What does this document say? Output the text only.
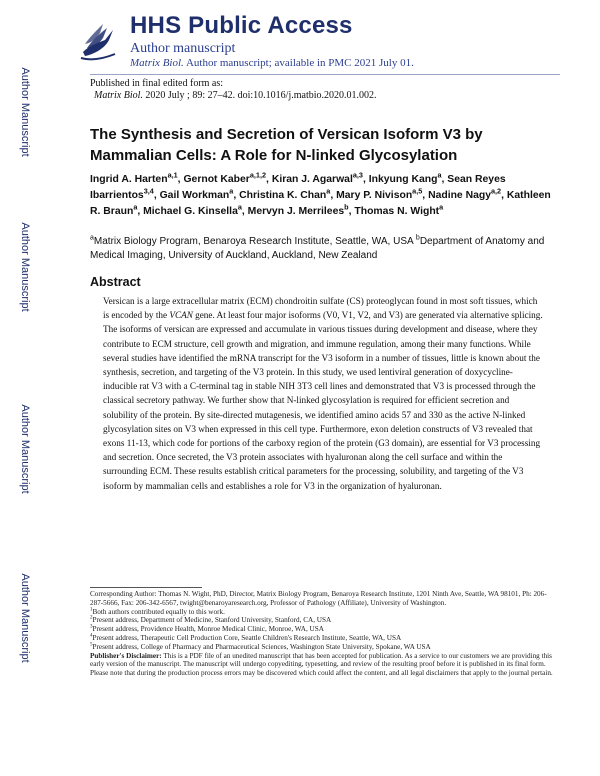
HHS Public Access
Author manuscript
Matrix Biol. Author manuscript; available in PMC 2021 July 01.
Author Manuscript
Author Manuscript
Author Manuscript
Author Manuscript
Published in final edited form as:
Matrix Biol. 2020 July ; 89: 27–42. doi:10.1016/j.matbio.2020.01.002.
The Synthesis and Secretion of Versican Isoform V3 by Mammalian Cells: A Role for N-linked Glycosylation
Ingrid A. Harten$^{a,1}$, Gernot Kaber$^{a,1,2}$, Kiran J. Agarwal$^{a,3}$, Inkyung Kang$^a$, Sean Reyes Ibarrientos$^{3,4}$, Gail Workman$^a$, Christina K. Chan$^a$, Mary P. Nivison$^{a,5}$, Nadine Nagy$^{a,2}$, Kathleen R. Braun$^a$, Michael G. Kinsella$^a$, Mervyn J. Merrilees$^b$, Thomas N. Wight$^a$
$^a$Matrix Biology Program, Benaroya Research Institute, Seattle, WA, USA $^b$Department of Anatomy and Medical Imaging, University of Auckland, Auckland, New Zealand
Abstract
Versican is a large extracellular matrix (ECM) chondroitin sulfate (CS) proteoglycan found in most soft tissues, which is encoded by the VCAN gene. At least four major isoforms (V0, V1, V2, and V3) are generated via alternative splicing. The isoforms of versican are expressed and accumulate in various tissues during development and disease, where they contribute to ECM structure, cell growth and migration, and immune regulation, among their many functions. While several studies have identified the mRNA transcript for the V3 isoform in a number of tissues, little is known about the synthesis, secretion, and targeting of the V3 protein. In this study, we used lentiviral generation of doxycycline-inducible rat V3 with a C-terminal tag in stable NIH 3T3 cell lines and demonstrated that V3 is processed through the classical secretory pathway. We further show that N-linked glycosylation is required for efficient secretion and solubility of the protein. By site-directed mutagenesis, we identified amino acids 57 and 330 as the active N-linked glycosylation sites on V3 when expressed in this cell type. Furthermore, exon deletion constructs of V3 revealed that exons 11-13, which code for portions of the carboxy region of the protein (G3 domain), are essential for V3 processing and secretion. Once secreted, the V3 protein associates with hyaluronan along the cell surface and within the surrounding ECM. These results establish critical parameters for the processing, solubility, and targeting of the V3 isoform by mammalian cells and establishes a role for V3 in the organization of hyaluronan.

Corresponding Author: Thomas N. Wight, PhD, Director, Matrix Biology Program, Benaroya Research Institute, 1201 Ninth Ave, Seattle, WA 98101, Ph: 206-287-5666, Fax: 206-342-6567, twight@benaroyaresearch.org, Professor of Pathology (Affiliate), University of Washington.

$^1$Both authors contributed equally to this work.

$^2$Present address, Department of Medicine, Stanford University, Stanford, CA, USA

$^3$Present address, Providence Health, Monroe Medical Clinic, Monroe, WA, USA

$^4$Present address, Therapeutic Cell Production Core, Seattle Children's Research Institute, Seattle, WA, USA

$^5$Present address, College of Pharmacy and Pharmaceutical Sciences, Washington State University, Spokane, WA USA

Publisher's Disclaimer: This is a PDF file of an unedited manuscript that has been accepted for publication. As a service to our customers we are providing this early version of the manuscript. The manuscript will undergo copyediting, typesetting, and review of the resulting proof before it is published in its final form. Please note that during the production process errors may be discovered which could affect the content, and all legal disclaimers that apply to the journal pertain.
